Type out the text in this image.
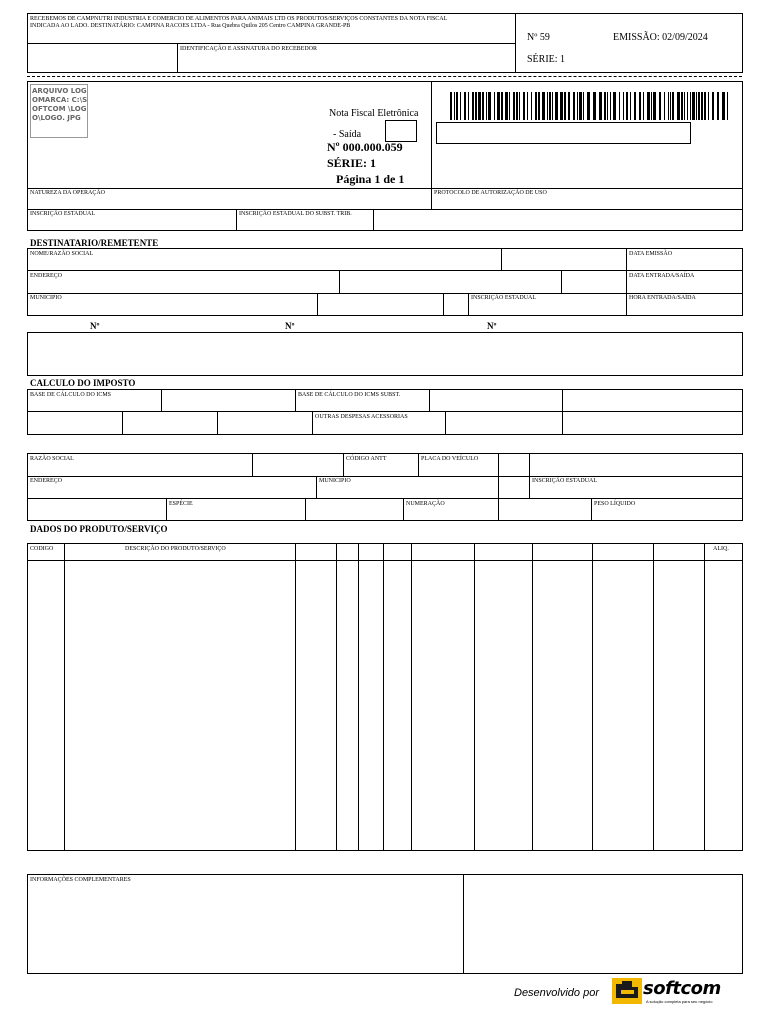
RECEBEMOS DE CAMPNUTRI INDUSTRIA E COMERCIO DE ALIMENTOS PARA ANIMAIS LTD OS PRODUTOS/SERVIÇOS CONSTANTES DA NOTA FISCAL
INDICADA AO LADO. DESTINATÁRIO: CAMPINA RACOES LTDA - Rua Quebra Quilos 205 Centro CAMPINA GRANDE-PB
IDENTIFICAÇÃO E ASSINATURA DO RECEBEDOR
Nº 59	EMISSÃO: 02/09/2024
SÉRIE: 1
ARQUIVO LOGOMARCA: C:\SOFTCOM \LOGO\LOGO. JPG	Nota Fiscal Eletrônica
- Saída
Nº 000.000.059
SÉRIE: 1
Página 1 de 1
NATUREZA DA OPERAÇÃO	PROTOCOLO DE AUTORIZAÇÃO DE USO
INSCRIÇÃO ESTADUAL	INSCRIÇÃO ESTADUAL DO SUBST. TRIB.
DESTINATARIO/REMETENTE
NOME/RAZÃO SOCIAL	DATA EMISSÃO
ENDEREÇO	DATA ENTRADA/SAÍDA
MUNICIPIO	INSCRIÇÃO ESTADUAL	HORA ENTRADA/SAÍDA
Nº	Nº	Nº
CALCULO DO IMPOSTO
BASE DE CÁLCULO DO ICMS	BASE DE CÁLCULO DO ICMS SUBST.
OUTRAS DESPESAS ACESSORIAS
RAZÃO SOCIAL	CÓDIGO ANTT	PLACA DO VEÍCULO
ENDEREÇO	MUNICIPIO	INSCRIÇÃO ESTADUAL
ESPÉCIE	NUMERAÇÃO	PESO LÍQUIDO
DADOS DO PRODUTO/SERVIÇO
CODIGO	DESCRIÇÃO DO PRODUTO/SERVIÇO	ALIQ.
INFORMAÇÕES COMPLEMENTARES
Desenvolvido por softcom
A solução completa para seu negócio
